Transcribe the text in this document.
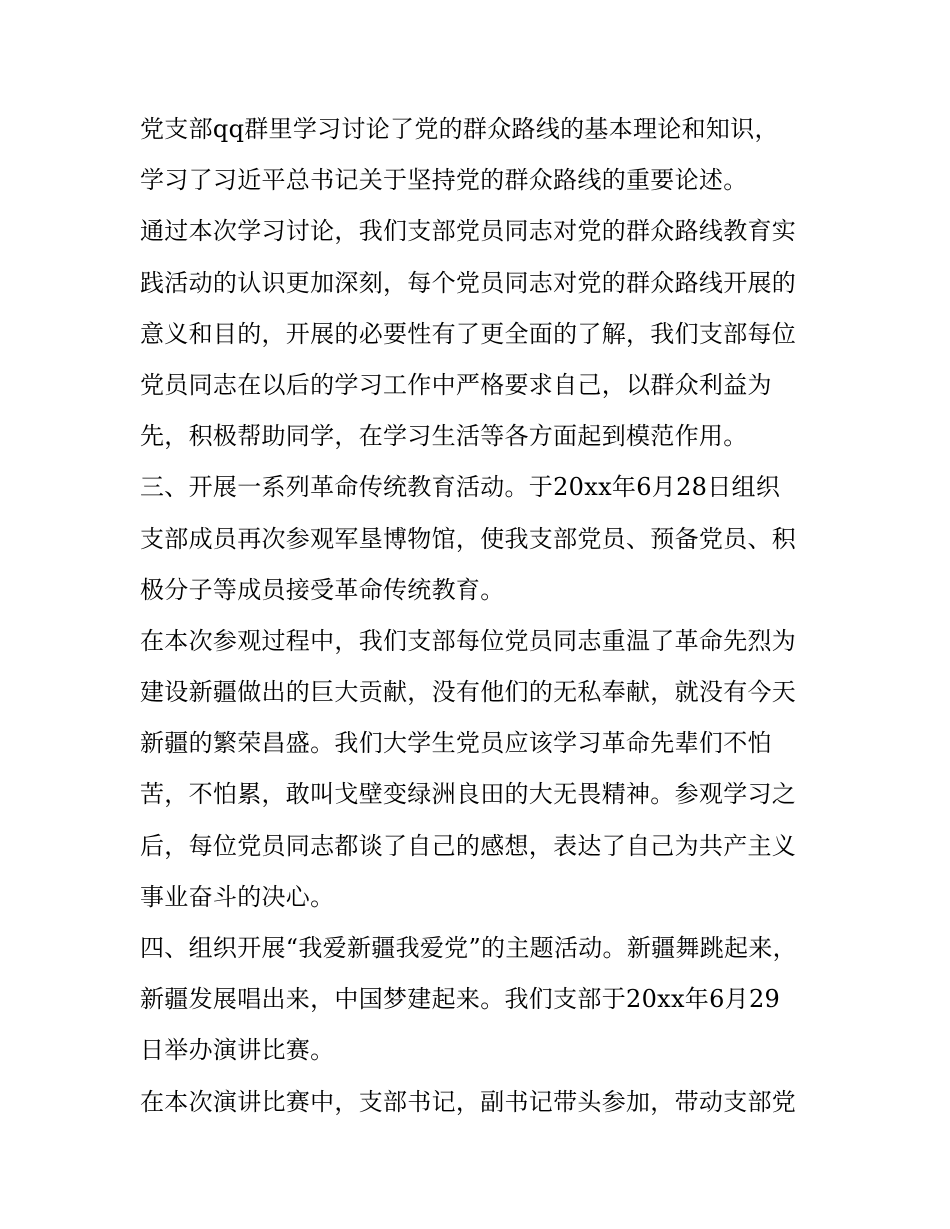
党支部qq群里学习讨论了党的群众路线的基本理论和知识，
学习了习近平总书记关于坚持党的群众路线的重要论述。
通过本次学习讨论，我们支部党员同志对党的群众路线教育实
践活动的认识更加深刻，每个党员同志对党的群众路线开展的
意义和目的，开展的必要性有了更全面的了解，我们支部每位
党员同志在以后的学习工作中严格要求自己，以群众利益为
先，积极帮助同学，在学习生活等各方面起到模范作用。
三、开展一系列革命传统教育活动。于20xx年6月28日组织
支部成员再次参观军垦博物馆，使我支部党员、预备党员、积
极分子等成员接受革命传统教育。
在本次参观过程中，我们支部每位党员同志重温了革命先烈为
建设新疆做出的巨大贡献，没有他们的无私奉献，就没有今天
新疆的繁荣昌盛。我们大学生党员应该学习革命先辈们不怕
苦，不怕累，敢叫戈壁变绿洲良田的大无畏精神。参观学习之
后，每位党员同志都谈了自己的感想，表达了自己为共产主义
事业奋斗的决心。
四、组织开展“我爱新疆我爱党”的主题活动。新疆舞跳起来，
新疆发展唱出来，中国梦建起来。我们支部于20xx年6月29
日举办演讲比赛。
在本次演讲比赛中，支部书记，副书记带头参加，带动支部党
